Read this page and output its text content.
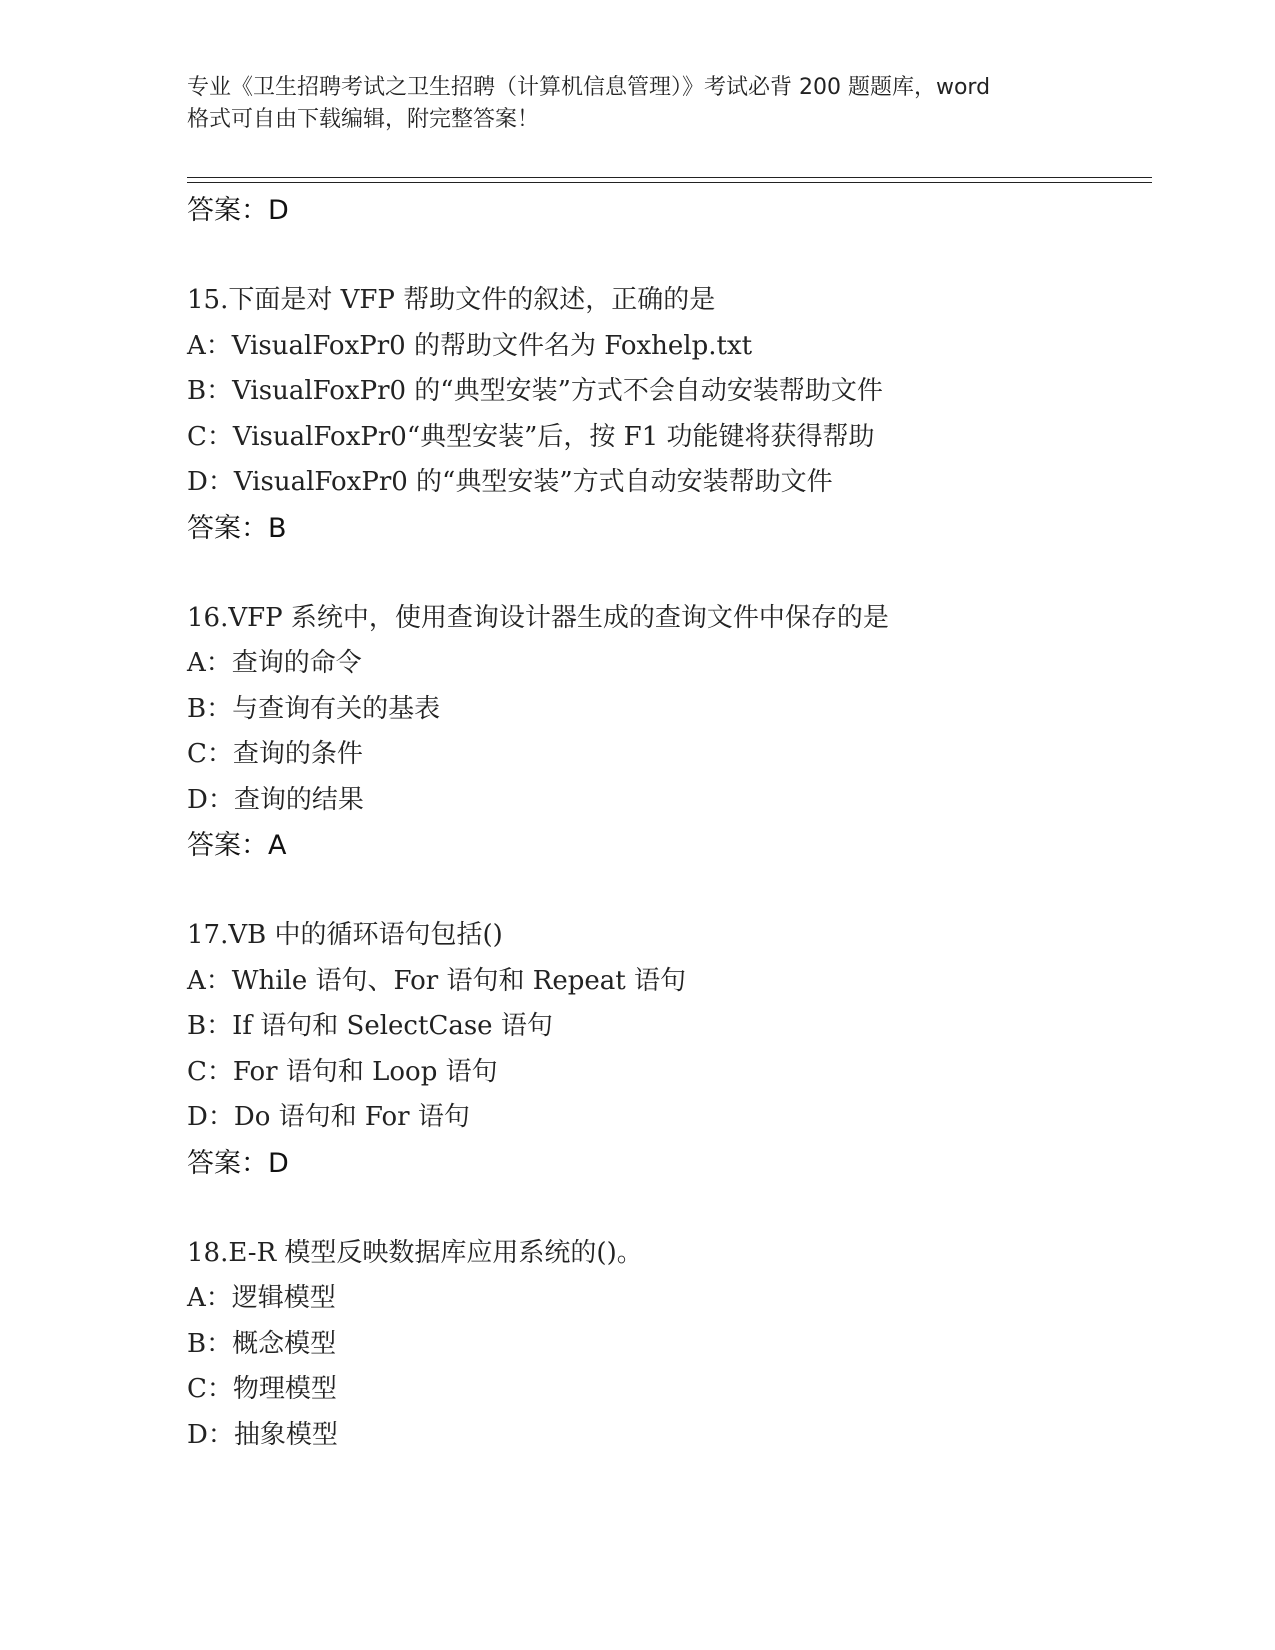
专业《卫生招聘考试之卫生招聘（计算机信息管理）》考试必背 200 题题库，word
格式可自由下载编辑，附完整答案！
答案：D
15.下面是对 VFP 帮助文件的叙述，正确的是
A：VisualFoxPr0 的帮助文件名为 Foxhelp.txt
B：VisualFoxPr0 的“典型安装”方式不会自动安装帮助文件
C：VisualFoxPr0“典型安装”后，按 F1 功能键将获得帮助
D：VisualFoxPr0 的“典型安装”方式自动安装帮助文件
答案：B
16.VFP 系统中，使用查询设计器生成的查询文件中保存的是
A：查询的命令
B：与查询有关的基表
C：查询的条件
D：查询的结果
答案：A
17.VB 中的循环语句包括()
A：While 语句、For 语句和 Repeat 语句
B：If 语句和 SelectCase 语句
C：For 语句和 Loop 语句
D：Do 语句和 For 语句
答案：D
18.E-R 模型反映数据库应用系统的()。
A：逻辑模型
B：概念模型
C：物理模型
D：抽象模型
